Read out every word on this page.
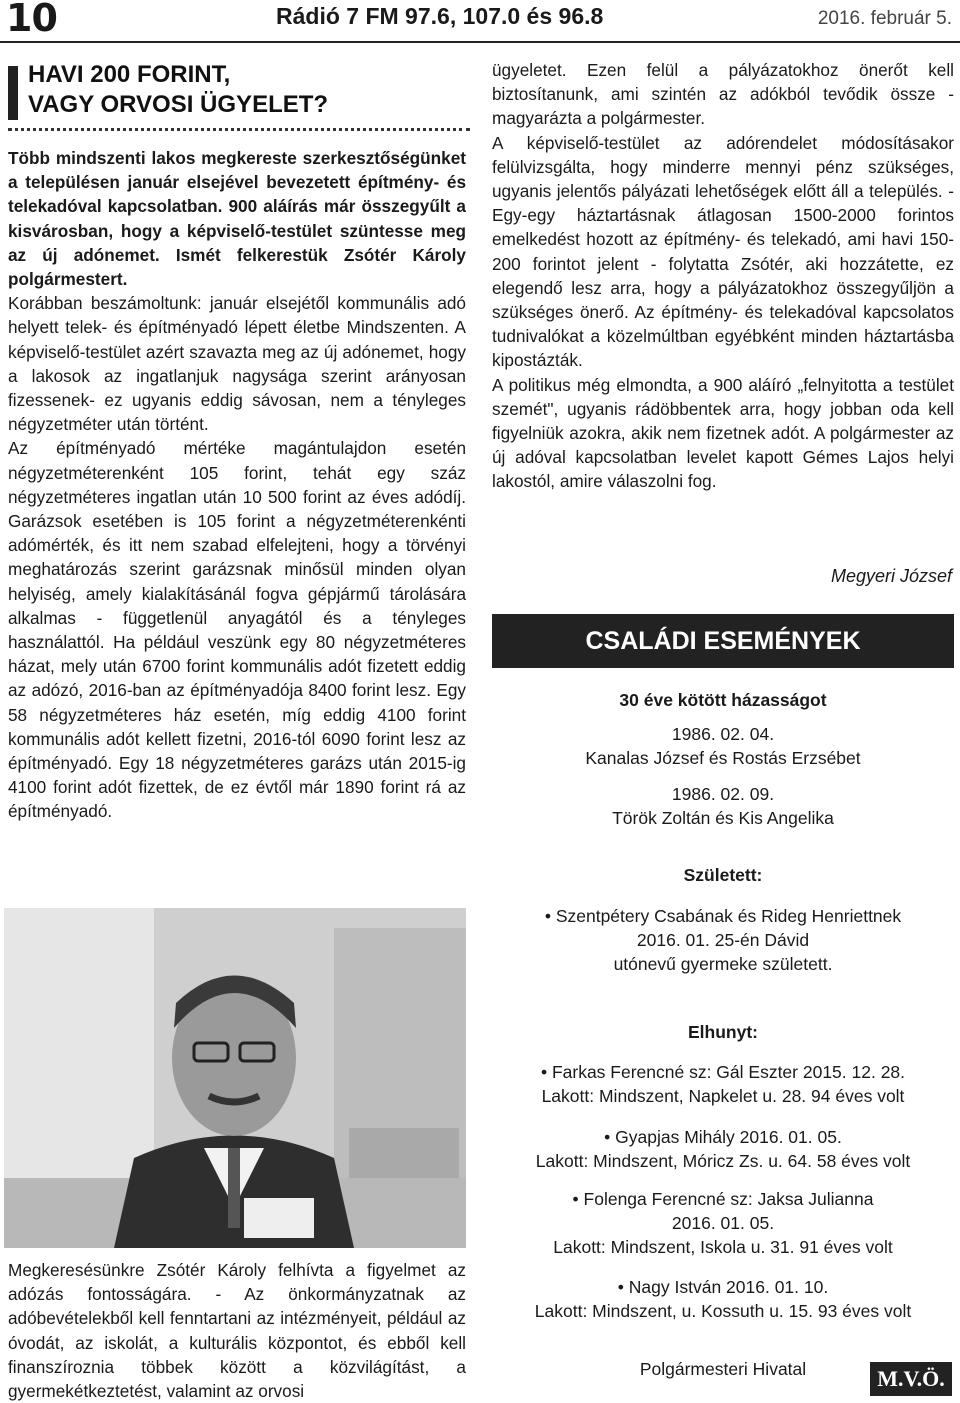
10	Rádió 7 FM 97.6, 107.0 és 96.8	2016. február 5.
HAVI 200 FORINT,
VAGY ORVOSI ÜGYELET?

Több mindszenti lakos megkereste szerkesztőségünket a településen január elsejével bevezetett építmény- és telekadóval kapcsolatban. 900 aláírás már összegyűlt a kisvárosban, hogy a képviselő-testület szüntesse meg az új adónemet. Ismét felkerestük Zsótér Károly polgármestert.

Korábban beszámoltunk: január elsejétől kommunális adó helyett telek- és építményadó lépett életbe Mindszenten. A képviselő-testület azért szavazta meg az új adónemet, hogy a lakosok az ingatlanjuk nagysága szerint arányosan fizessenek- ez ugyanis eddig sávosan, nem a tényleges négyzetméter után történt.

Az építményadó mértéke magántulajdon esetén négyzetméterenként 105 forint, tehát egy száz négyzetméteres ingatlan után 10 500 forint az éves adódíj. Garázsok esetében is 105 forint a négyzetméterenkénti adómérték, és itt nem szabad elfelejteni, hogy a törvényi meghatározás szerint garázsnak minősül minden olyan helyiség, amely kialakításánál fogva gépjármű tárolására alkalmas - függetlenül anyagától és a tényleges használattól. Ha például veszünk egy 80 négyzetméteres házat, mely után 6700 forint kommunális adót fizetett eddig az adózó, 2016-ban az építményadója 8400 forint lesz. Egy 58 négyzetméteres ház esetén, míg eddig 4100 forint kommunális adót kellett fizetni, 2016-tól 6090 forint lesz az építményadó. Egy 18 négyzetméteres garázs után 2015-ig 4100 forint adót fizettek, de ez évtől már 1890 forint rá az építményadó.

Megkeresésünkre Zsótér Károly felhívta a figyelmet az adózás fontosságára. - Az önkormányzatnak az adóbevételekből kell fenntartani az intézményeit, például az óvodát, az iskolát, a kulturális központot, és ebből kell finanszíroznia többek között a közvilágítást, a gyermekétkeztetést, valamint az orvosi

ügyeletet. Ezen felül a pályázatokhoz önerőt kell biztosítanunk, ami szintén az adókból tevődik össze - magyarázta a polgármester.

A képviselő-testület az adórendelet módosításakor felülvizsgálta, hogy minderre mennyi pénz szükséges, ugyanis jelentős pályázati lehetőségek előtt áll a település. - Egy-egy háztartásnak átlagosan 1500-2000 forintos emelkedést hozott az építmény- és telekadó, ami havi 150-200 forintot jelent - folytatta Zsótér, aki hozzátette, ez elegendő lesz arra, hogy a pályázatokhoz összegyűljön a szükséges önerő. Az építmény- és telekadóval kapcsolatos tudnivalókat a közelmúltban egyébként minden háztartásba kipostázták.

A politikus még elmondta, a 900 aláíró „felnyitotta a testület szemét", ugyanis rádöbbentek arra, hogy jobban oda kell figyelniük azokra, akik nem fizetnek adót. A polgármester az új adóval kapcsolatban levelet kapott Gémes Lajos helyi lakostól, amire válaszolni fog.

Megyeri József
CSALÁDI ESEMÉNYEK
30 éve kötött házasságot
1986. 02. 04.
Kanalas József és Rostás Erzsébet
1986. 02. 09.
Török Zoltán és Kis Angelika
Született:
• Szentpétery Csabának és Rideg Henriettnek
2016. 01. 25-én Dávid
utónevű gyermeke született.
Elhunyt:
• Farkas Ferencné sz: Gál Eszter 2015. 12. 28.
Lakott: Mindszent, Napkelet u. 28. 94 éves volt
• Gyapjas Mihály 2016. 01. 05.
Lakott: Mindszent, Móricz Zs. u. 64. 58 éves volt
• Folenga Ferencné sz: Jaksa Julianna
2016. 01. 05.
Lakott: Mindszent, Iskola u. 31. 91 éves volt
• Nagy István 2016. 01. 10.
Lakott: Mindszent, u. Kossuth u. 15. 93 éves volt
Polgármesteri Hivatal	M.V.Ö.
